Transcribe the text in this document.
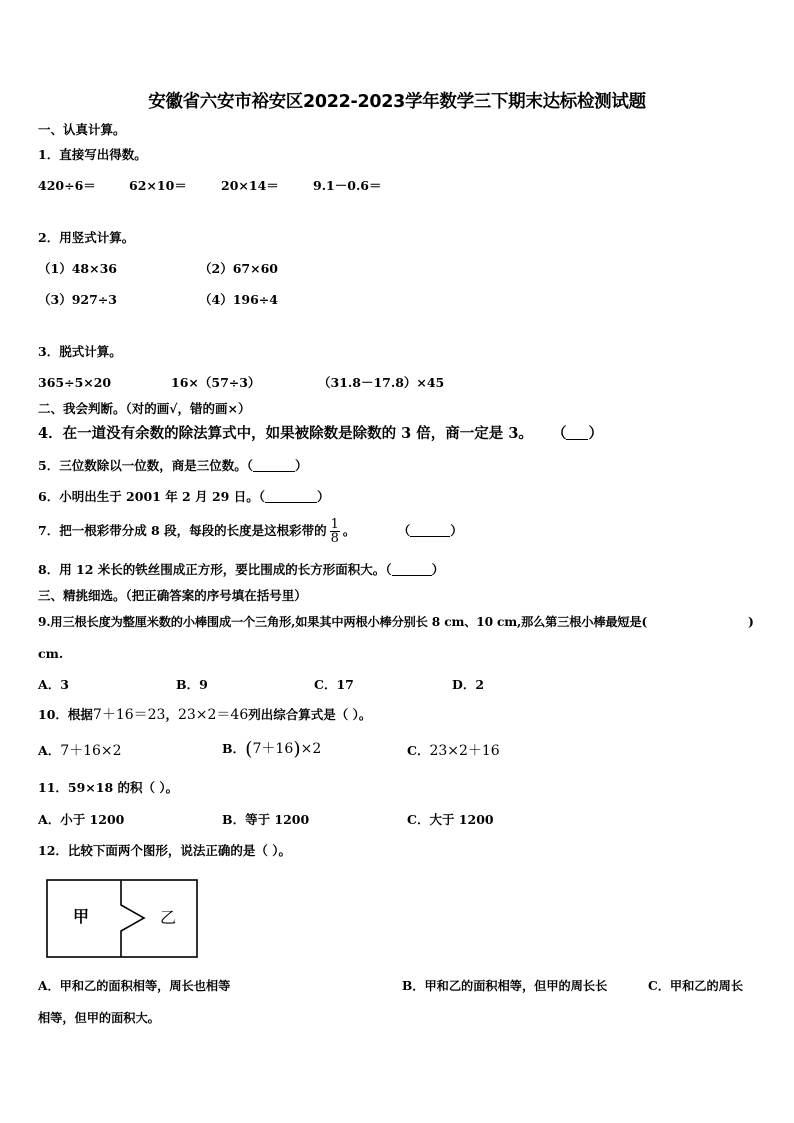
安徽省六安市裕安区2022-2023学年数学三下期末达标检测试题
一、认真计算。
1．直接写出得数。
420÷6＝	62×10＝	20×14＝	9.1－0.6＝
2．用竖式计算。
（1）48×36	（2）67×60
（3）927÷3	（4）196÷4
3．脱式计算。
365÷5×20	16×（57÷3）	（31.8－17.8）×45
二、我会判断。（对的画√，错的画×）
4．在一道没有余数的除法算式中，如果被除数是除数的 3 倍，商一定是 3。 （ ）
5．三位数除以一位数，商是三位数。（	）
6．小明出生于 2001 年 2 月 29 日。（	）
7．把一根彩带分成 8 段，每段的长度是这根彩带的 $\frac{1}{8}$ 。	（	）
8．用 12 米长的铁丝围成正方形，要比围成的长方形面积大。（	）
三、精挑细选。（把正确答案的序号填在括号里）
9.用三根长度为整厘米数的小棒围成一个三角形,如果其中两根小棒分别长 8 cm、10 cm,那么第三根小棒最短是(	)
cm.
A．3	B．9	C．17	D．2
10．根据7＋16＝23，23×2＝46列出综合算式是（ ）。
A．7＋16×2	B．(7＋16)×2	C．23×2＋16
11．59×18 的积（ ）。
A．小于 1200	B．等于 1200	C．大于 1200
12．比较下面两个图形，说法正确的是（ ）。
甲	乙
A．甲和乙的面积相等，周长也相等	B．甲和乙的面积相等，但甲的周长长	C．甲和乙的周长
相等，但甲的面积大。
